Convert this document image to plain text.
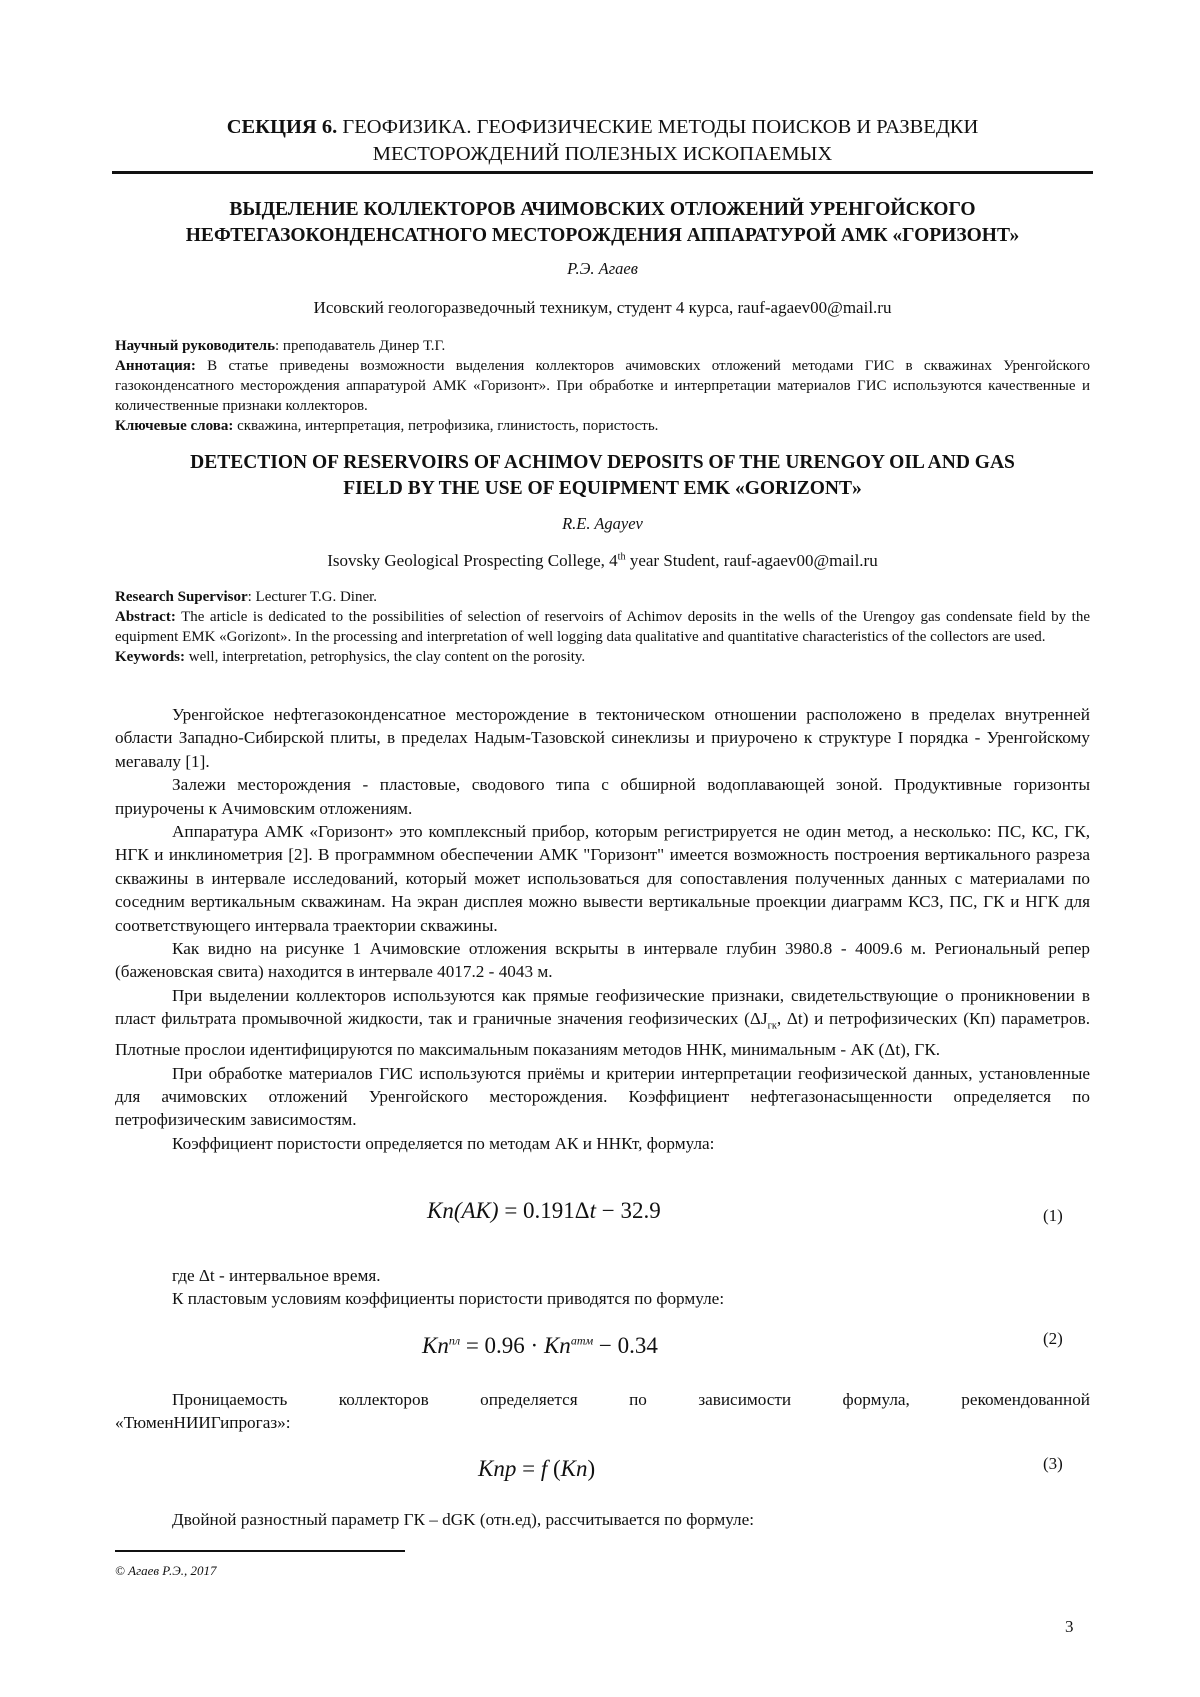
СЕКЦИЯ 6. ГЕОФИЗИКА. ГЕОФИЗИЧЕСКИЕ МЕТОДЫ ПОИСКОВ И РАЗВЕДКИ
МЕСТОРОЖДЕНИЙ ПОЛЕЗНЫХ ИСКОПАЕМЫХ
ВЫДЕЛЕНИЕ КОЛЛЕКТОРОВ АЧИМОВСКИХ ОТЛОЖЕНИЙ УРЕНГОЙСКОГО
НЕФТЕГАЗОКОНДЕНСАТНОГО МЕСТОРОЖДЕНИЯ АППАРАТУРОЙ АМК «ГОРИЗОНТ»
Р.Э. Агаев
Исовский геологоразведочный техникум, студент 4 курса, rauf-agaev00@mail.ru
Научный руководитель: преподаватель Динер Т.Г.
Аннотация: В статье приведены возможности выделения коллекторов ачимовских отложений методами ГИС в скважинах Уренгойского газоконденсатного месторождения аппаратурой АМК «Горизонт». При обработке и интерпретации материалов ГИС используются качественные и количественные признаки коллекторов.
Ключевые слова: скважина, интерпретация, петрофизика, глинистость, пористость.
DETECTION OF RESERVOIRS OF ACHIMOV DEPOSITS OF THE URENGOY OIL AND GAS
FIELD BY THE USE OF EQUIPMENT EMK «GORIZONT»
R.E. Agayev
Isovsky Geological Prospecting College, 4th year Student, rauf-agaev00@mail.ru
Research Supervisor: Lecturer T.G. Diner.
Abstract: The article is dedicated to the possibilities of selection of reservoirs of Achimov deposits in the wells of the Urengoy gas condensate field by the equipment EMK «Gorizont». In the processing and interpretation of well logging data qualitative and quantitative characteristics of the collectors are used.
Keywords: well, interpretation, petrophysics, the clay content on the porosity.

Уренгойское нефтегазоконденсатное месторождение в тектоническом отношении расположено в пределах внутренней области Западно-Сибирской плиты, в пределах Надым-Тазовской синеклизы и приурочено к структуре I порядка - Уренгойскому мегавалу [1].

Залежи месторождения - пластовые, сводового типа с обширной водоплавающей зоной. Продуктивные горизонты приурочены к Ачимовским отложениям.

Аппаратура АМК «Горизонт» это комплексный прибор, которым регистрируется не один метод, а несколько: ПС, КС, ГК, НГК и инклинометрия [2]. В программном обеспечении АМК "Горизонт" имеется возможность построения вертикального разреза скважины в интервале исследований, который может использоваться для сопоставления полученных данных с материалами по соседним вертикальным скважинам. На экран дисплея можно вывести вертикальные проекции диаграмм КСЗ, ПС, ГК и НГК для соответствующего интервала траектории скважины.

Как видно на рисунке 1 Ачимовские отложения вскрыты в интервале глубин 3980.8 - 4009.6 м. Региональный репер (баженовская свита) находится в интервале 4017.2 - 4043 м.

При выделении коллекторов используются как прямые геофизические признаки, свидетельствующие о проникновении в пласт фильтрата промывочной жидкости, так и граничные значения геофизических ($\Delta J_{гк}$, Δt) и петрофизических (Кп) параметров. Плотные прослои идентифицируются по максимальным показаниям методов ННК, минимальным - АК (Δt), ГК.

При обработке материалов ГИС используются приёмы и критерии интерпретации геофизической данных, установленные для ачимовских отложений Уренгойского месторождения. Коэффициент нефтегазонасыщенности определяется по петрофизическим зависимостям.

Коэффициент пористости определяется по методам АК и ННКт, формула:

Kn(AK) = 0.191Δt − 32.9	(1)
где Δt - интервальное время.
К пластовым условиям коэффициенты пористости приводятся по формуле:
$Kn^{пл} = 0.96 \cdot Kn^{атм} - 0.34$	(2)
Проницаемость коллекторов определяется по зависимости формула, рекомендованной
«ТюменНИИГипрогаз»:
Knp = f (Kn)	(3)
Двойной разностный параметр ГК – dGK (отн.ед), рассчитывается по формуле:
© Агаев Р.Э., 2017
3
